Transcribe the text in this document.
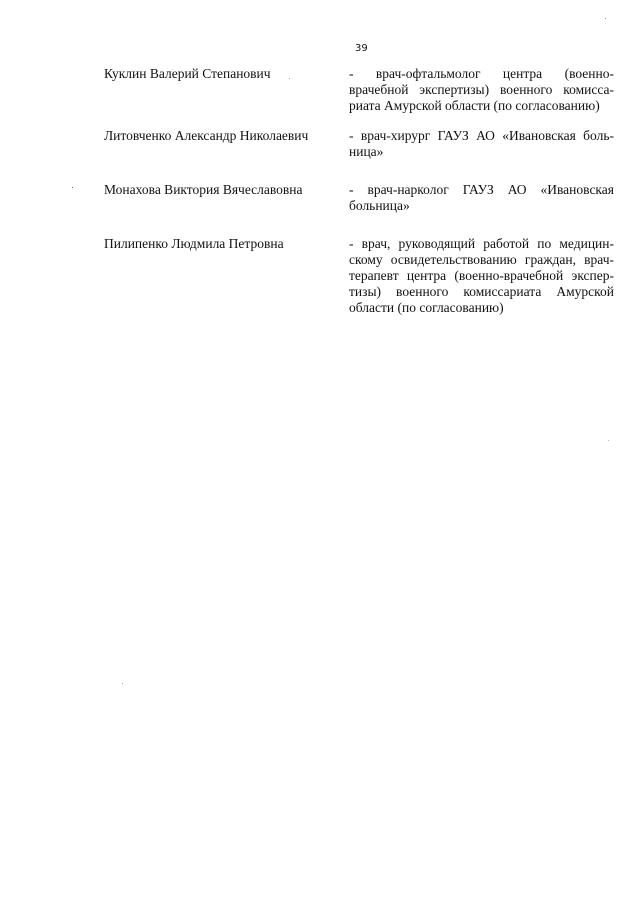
39
Куклин Валерий Степанович	- врач-офтальмолог центра (военно-
врачебной экспертизы) военного комисса-
риата Амурской области (по согласованию)
Литовченко Александр Николаевич	- врач-хирург ГАУЗ АО «Ивановская боль-
ница»
Монахова Виктория Вячеславовна	- врач-нарколог ГАУЗ АО «Ивановская
больница»
Пилипенко Людмила Петровна	- врач, руководящий работой по медицин-
скому освидетельствованию граждан, врач-
терапевт центра (военно-врачебной экспер-
тизы) военного комиссариата Амурской
области (по согласованию)
